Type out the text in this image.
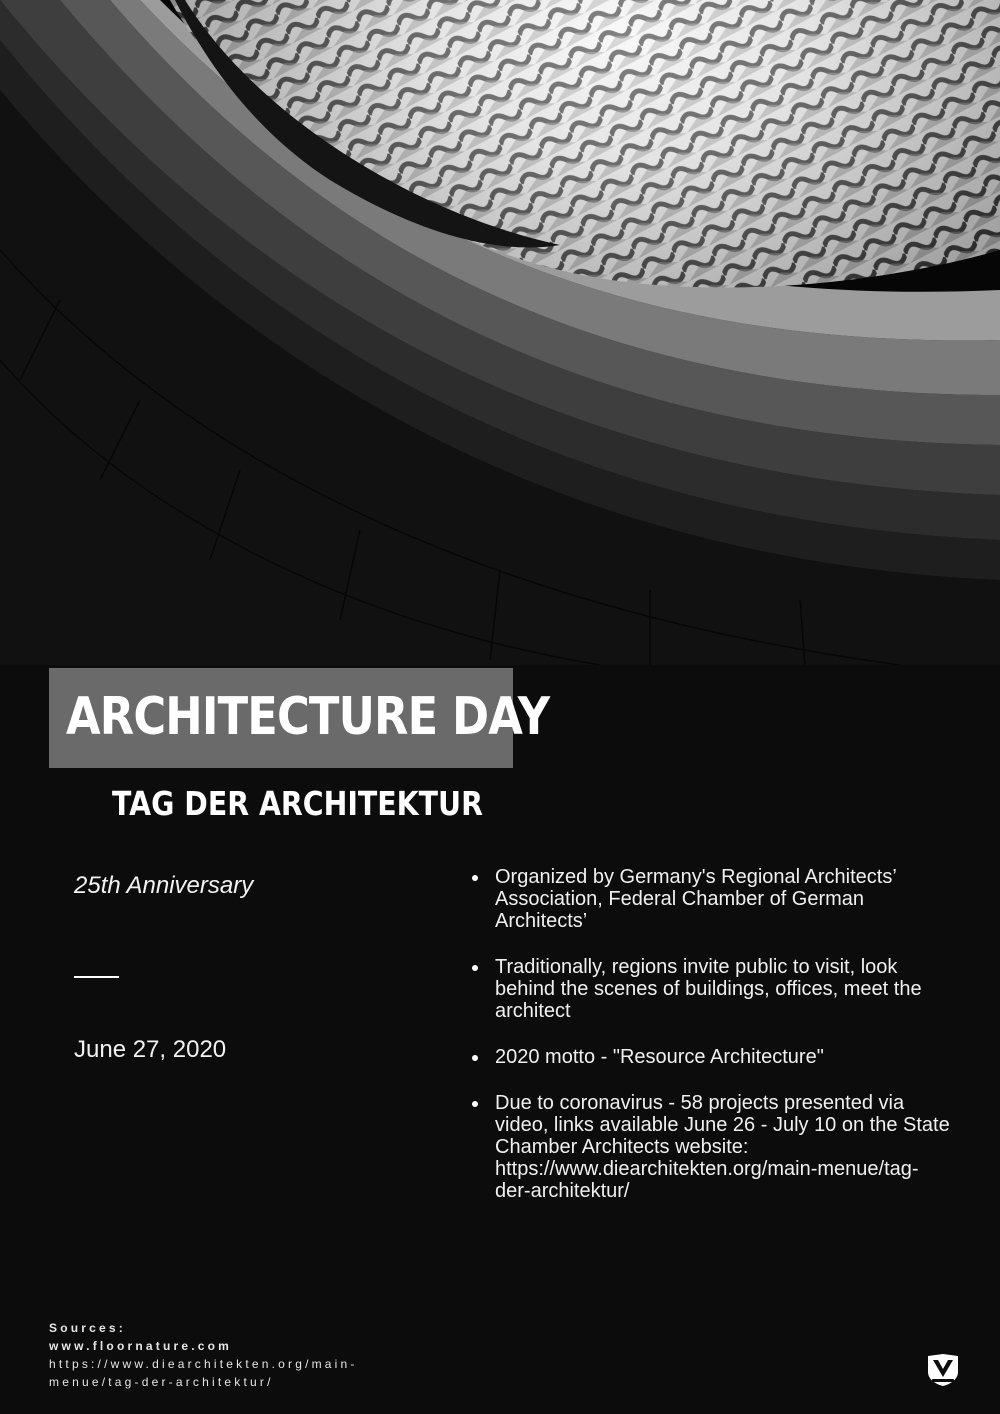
ARCHITECTURE DAY
TAG DER ARCHITEKTUR
25th Anniversary
June 27, 2020
Organized by Germany's Regional Architects’ Association, Federal Chamber of German Architects’
Traditionally, regions invite public to visit, look behind the scenes of buildings, offices, meet the architect
2020 motto - "Resource Architecture"
Due to coronavirus - 58 projects presented via video, links available June 26 - July 10 on the State Chamber Architects website: https://www.diearchitekten.org/main-menue/tag-der-architektur/
Sources:
www.floornature.com
https://www.diearchitekten.org/main-
menue/tag-der-architektur/
